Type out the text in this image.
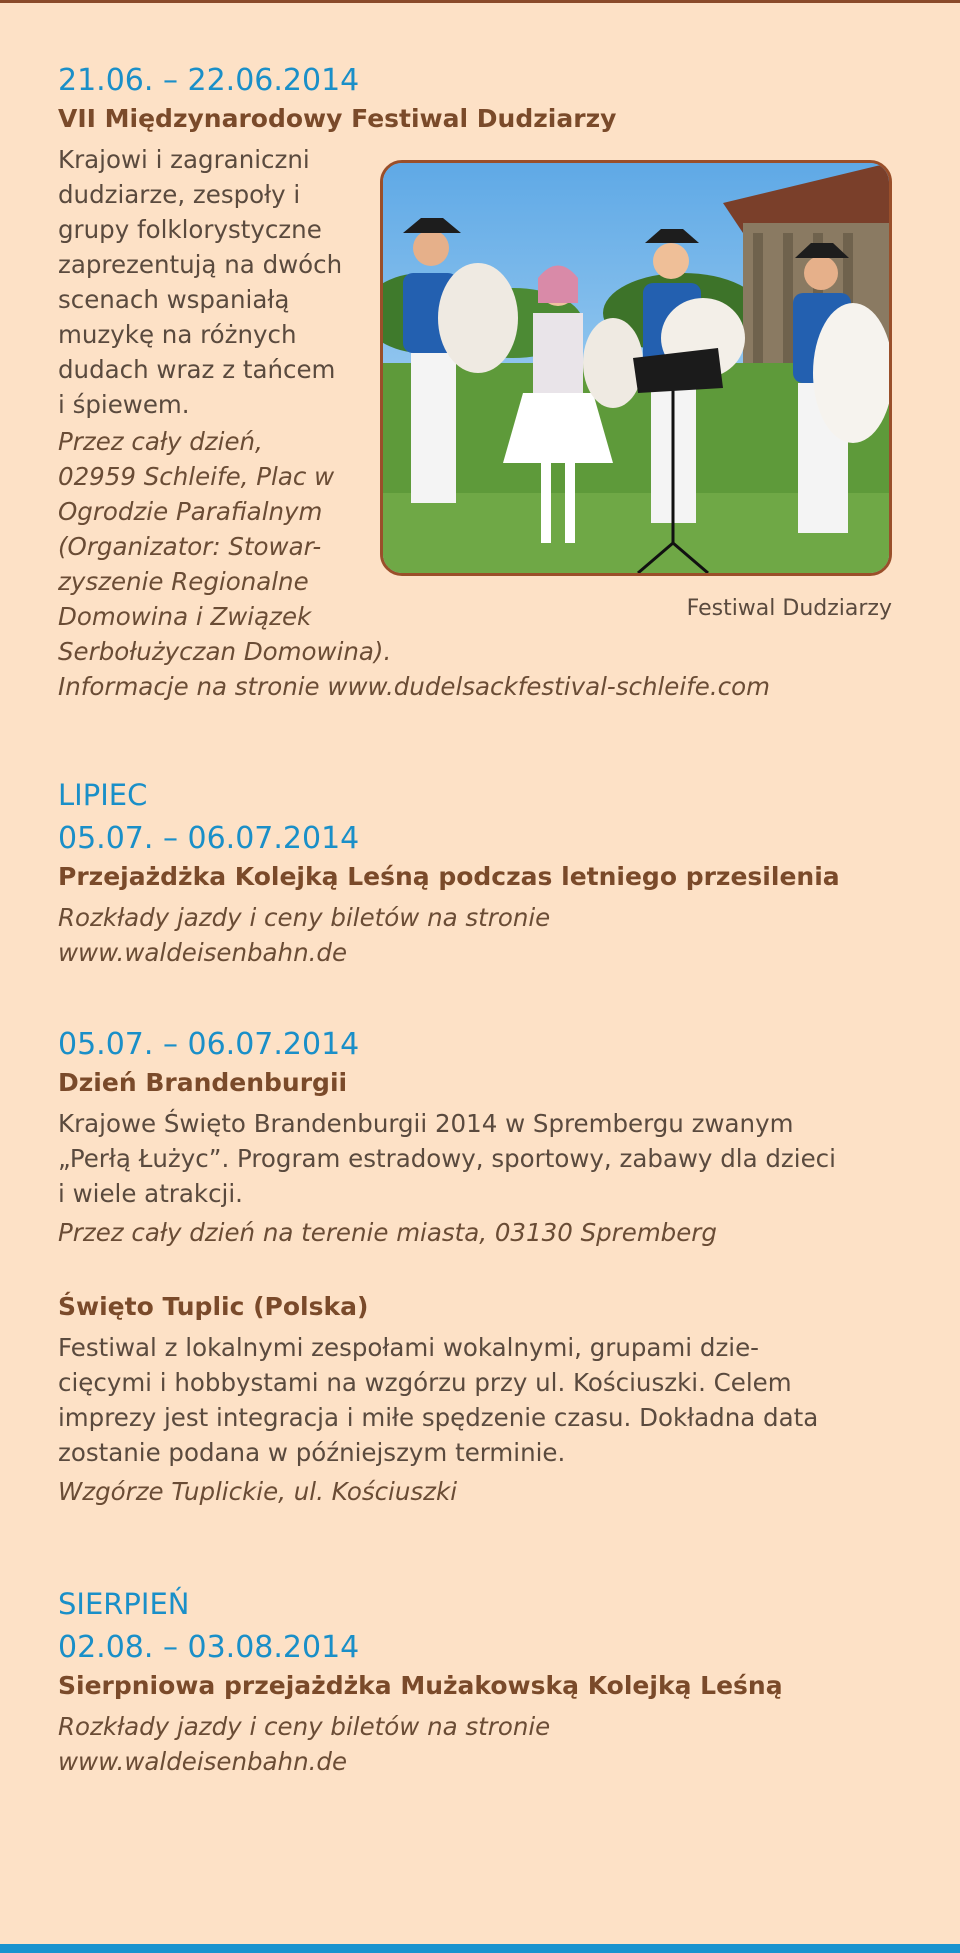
21.06. – 22.06.2014

VII Międzynarodowy Festiwal Dudziarzy

Krajowi i zagraniczni

dudziarze, zespoły i

grupy folklorystyczne

zaprezentują na dwóch

scenach wspaniałą

muzykę na różnych

dudach wraz z tańcem

i śpiewem.

Przez cały dzień,

02959 Schleife, Plac w

Ogrodzie Parafialnym

(Organizator: Stowar-

zyszenie Regionalne

Domowina i Związek

Serbołużyczan Domowina).

Informacje na stronie www.dudelsackfestival-schleife.com

Festiwal Dudziarzy

LIPIEC

05.07. – 06.07.2014

Przejażdżka Kolejką Leśną podczas letniego przesilenia

Rozkłady jazdy i ceny biletów na stronie

www.waldeisenbahn.de

05.07. – 06.07.2014

Dzień Brandenburgii

Krajowe Święto Brandenburgii 2014 w Sprembergu zwanym

„Perłą Łużyc”. Program estradowy, sportowy, zabawy dla dzieci

i wiele atrakcji.

Przez cały dzień na terenie miasta, 03130 Spremberg

Święto Tuplic (Polska)

Festiwal z lokalnymi zespołami wokalnymi, grupami dzie-

cięcymi i hobbystami na wzgórzu przy ul. Kościuszki. Celem

imprezy jest integracja i miłe spędzenie czasu. Dokładna data

zostanie podana w późniejszym terminie.

Wzgórze Tuplickie, ul. Kościuszki

SIERPIEŃ

02.08. – 03.08.2014

Sierpniowa przejażdżka Mużakowską Kolejką Leśną

Rozkłady jazdy i ceny biletów na stronie

www.waldeisenbahn.de
